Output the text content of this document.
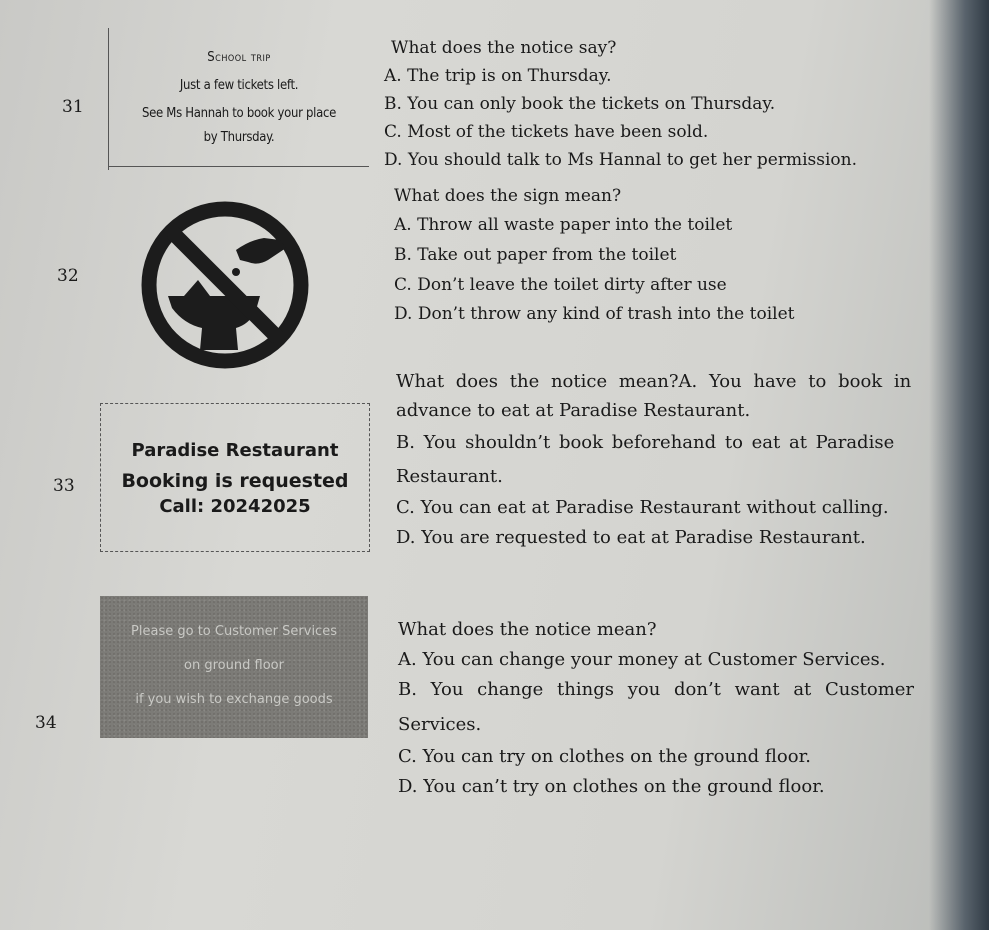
31
School trip
Just a few tickets left.
See Ms Hannah to book your place
by Thursday.
What does the notice say?
A. The trip is on Thursday.
B. You can only book the tickets on Thursday.
C. Most of the tickets have been sold.
D. You should talk to Ms Hannal to get her permission.
32
What does the sign mean?
A. Throw all waste paper into the toilet
B. Take out paper from the toilet
C. Don’t leave the toilet dirty after use
D. Don’t throw any kind of trash into the toilet
33
Paradise Restaurant
Booking is requested
Call: 20242025
What does the notice mean?A. You have to book in
advance to eat at Paradise Restaurant.
B. You shouldn’t book beforehand to eat at Paradise
Restaurant.
C. You can eat at Paradise Restaurant without calling.
D. You are requested to eat at Paradise Restaurant.
34
Please go to Customer Services
on ground floor
if you wish to exchange goods
What does the notice mean?
A. You can change your money at Customer Services.
B. You change things you don’t want at Customer
Services.
C. You can try on clothes on the ground floor.
D. You can’t try on clothes on the ground floor.
